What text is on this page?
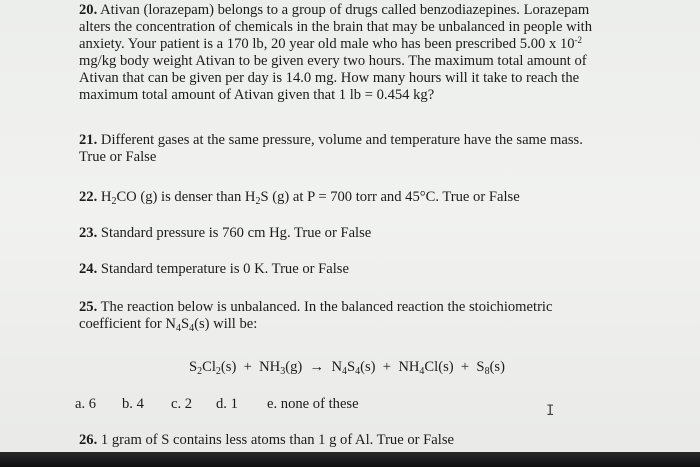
20. Ativan (lorazepam) belongs to a group of drugs called benzodiazepines. Lorazepam
alters the concentration of chemicals in the brain that may be unbalanced in people with
anxiety. Your patient is a 170 lb, 20 year old male who has been prescribed 5.00 x $10^{-2}$
mg/kg body weight Ativan to be given every two hours. The maximum total amount of
Ativan that can be given per day is 14.0 mg. How many hours will it take to reach the
maximum total amount of Ativan given that 1 lb = 0.454 kg?
21. Different gases at the same pressure, volume and temperature have the same mass.
True or False
22. $H_2CO$ (g) is denser than $H_2S$ (g) at P = 700 torr and 45°C. True or False
23. Standard pressure is 760 cm Hg. True or False
24. Standard temperature is 0 K. True or False
25. The reaction below is unbalanced. In the balanced reaction the stoichiometric
coefficient for $N_4S_4(s)$ will be:
$S_2Cl_2(s) + NH_3(g) \to N_4S_4(s) + NH_4Cl(s) + S_8(s)$
a. 6 b. 4 c. 2 d. 1 e. none of these	I
26. 1 gram of S contains less atoms than 1 g of Al. True or False
